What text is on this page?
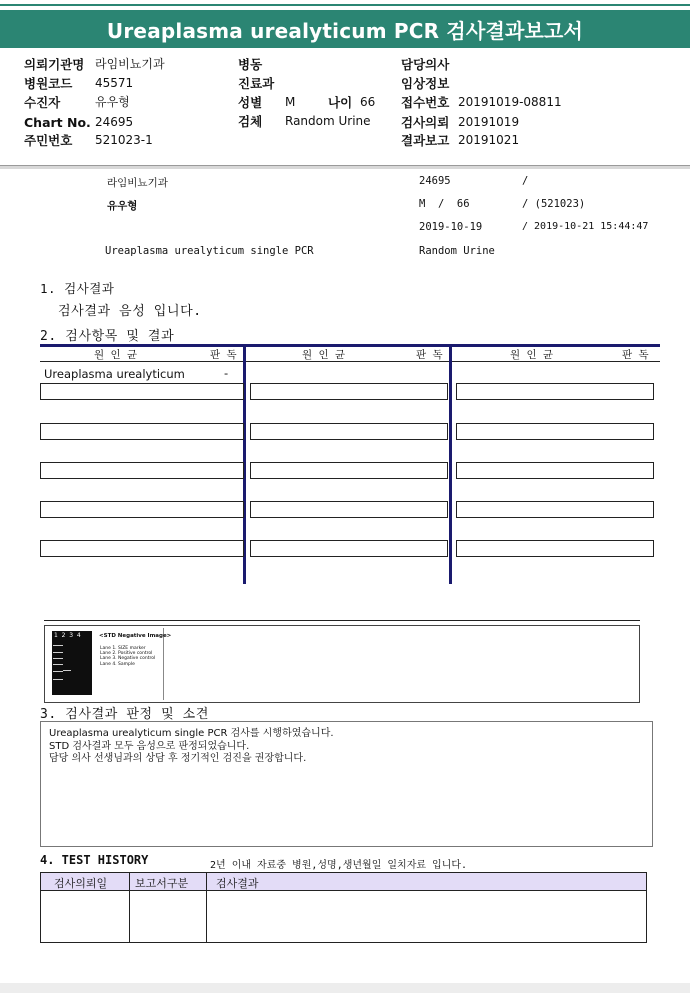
Ureaplasma urealyticum PCR 검사결과보고서
의뢰기관명 라임비뇨기과
병원코드 45571
수진자	유우형
Chart No. 24695
주민번호 521023-1
병동
진료과
성별 M	나이 66
검체 Random Urine
담당의사
임상정보
접수번호 20191019-08811
검사의뢰 20191019
결과보고 20191021
라임비뇨기과	24695	/
유우형	M  /  66	/ (521023)
2019-10-19	/ 2019-10-21 15:44:47
Ureaplasma urealyticum single PCR	Random Urine
1. 검사결과
검사결과 음성 입니다.
2. 검사항목 및 결과
원 인 균	판 독	원 인 균	판 독	원 인 균	판 독
Ureaplasma urealyticum	-
1  2  3  4	<STD Negative Image>
Lane 1. SIZE marker
Lane 2. Positive control
Lane 3. Negative control
Lane 4. Sample
3. 검사결과 판정 및 소견
Ureaplasma urealyticum single PCR 검사를 시행하였습니다.
STD 검사결과 모두 음성으로 판정되었습니다.
담당 의사 선생님과의 상담 후 정기적인 검진을 권장합니다.
4. TEST HISTORY	2년 이내 자료중 병원,성명,생년월일 일치자료 입니다.
검사의뢰일	보고서구분	검사결과
